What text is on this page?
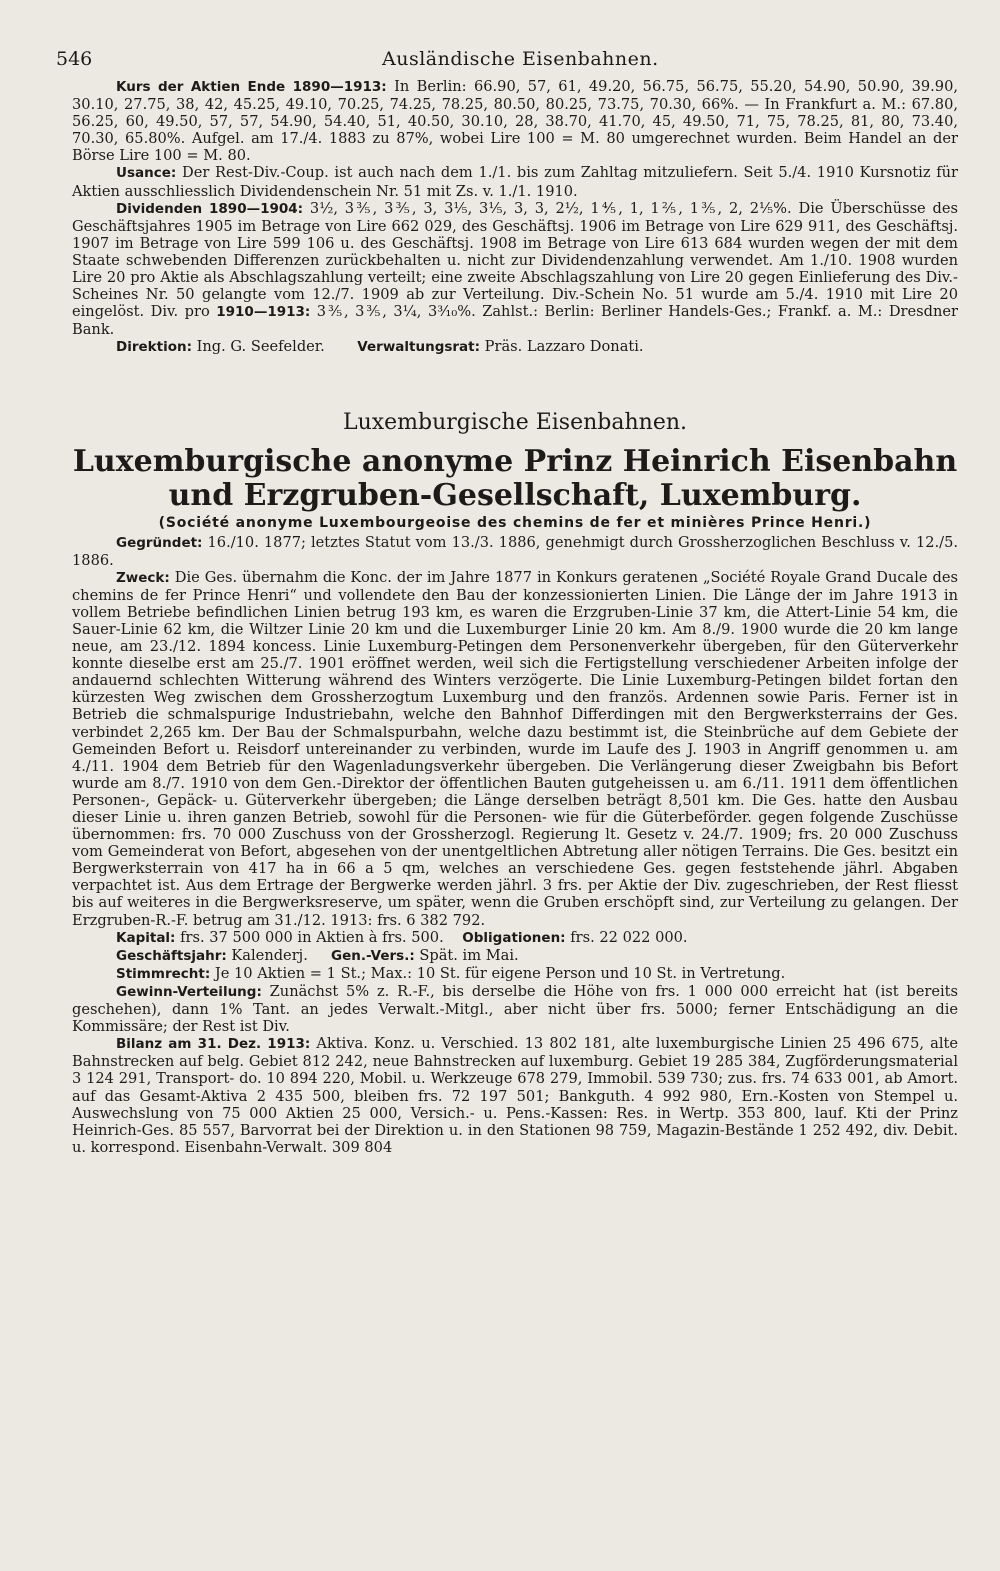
546	Ausländische Eisenbahnen.

Kurs der Aktien Ende 1890—1913: In Berlin: 66.90, 57, 61, 49.20, 56.75, 56.75, 55.20, 54.90, 50.90, 39.90, 30.10, 27.75, 38, 42, 45.25, 49.10, 70.25, 74.25, 78.25, 80.50, 80.25, 73.75, 70.30, 66%. — In Frankfurt a. M.: 67.80, 56.25, 60, 49.50, 57, 57, 54.90, 54.40, 51, 40.50, 30.10, 28, 38.70, 41.70, 45, 49.50, 71, 75, 78.25, 81, 80, 73.40, 70.30, 65.80%. Aufgel. am 17./4. 1883 zu 87%, wobei Lire 100 = M. 80 umgerechnet wurden. Beim Handel an der Börse Lire 100 = M. 80.

Usance: Der Rest-Div.-Coup. ist auch nach dem 1./1. bis zum Zahltag mitzuliefern. Seit 5./4. 1910 Kursnotiz für Aktien ausschliesslich Dividendenschein Nr. 51 mit Zs. v. 1./1. 1910.

Dividenden 1890—1904: 3½, 3⅗, 3⅗, 3, 3⅕, 3⅕, 3, 3, 2½, 1⅘, 1, 1⅖, 1⅗, 2, 2⅕%. Die Überschüsse des Geschäftsjahres 1905 im Betrage von Lire 662 029, des Geschäftsj. 1906 im Betrage von Lire 629 911, des Geschäftsj. 1907 im Betrage von Lire 599 106 u. des Geschäftsj. 1908 im Betrage von Lire 613 684 wurden wegen der mit dem Staate schwebenden Differenzen zurückbehalten u. nicht zur Dividendenzahlung verwendet. Am 1./10. 1908 wurden Lire 20 pro Aktie als Abschlagszahlung verteilt; eine zweite Abschlagszahlung von Lire 20 gegen Einlieferung des Div.-Scheines Nr. 50 gelangte vom 12./7. 1909 ab zur Verteilung. Div.-Schein No. 51 wurde am 5./4. 1910 mit Lire 20 eingelöst. Div. pro 1910—1913: 3⅗, 3⅗, 3¼, 3³⁄₁₀%. Zahlst.: Berlin: Berliner Handels-Ges.; Frankf. a. M.: Dresdner Bank.

Direktion: Ing. G. Seefelder. Verwaltungsrat: Präs. Lazzaro Donati.

Luxemburgische Eisenbahnen.
Luxemburgische anonyme Prinz Heinrich Eisenbahn
und Erzgruben-Gesellschaft, Luxemburg.
(Société anonyme Luxembourgeoise des chemins de fer et minières Prince Henri.)

Gegründet: 16./10. 1877; letztes Statut vom 13./3. 1886, genehmigt durch Grossherzoglichen Beschluss v. 12./5. 1886.

Zweck: Die Ges. übernahm die Konc. der im Jahre 1877 in Konkurs geratenen „Société Royale Grand Ducale des chemins de fer Prince Henri“ und vollendete den Bau der konzessionierten Linien. Die Länge der im Jahre 1913 in vollem Betriebe befindlichen Linien betrug 193 km, es waren die Erzgruben-Linie 37 km, die Attert-Linie 54 km, die Sauer-Linie 62 km, die Wiltzer Linie 20 km und die Luxemburger Linie 20 km. Am 8./9. 1900 wurde die 20 km lange neue, am 23./12. 1894 koncess. Linie Luxemburg-Petingen dem Personenverkehr übergeben, für den Güterverkehr konnte dieselbe erst am 25./7. 1901 eröffnet werden, weil sich die Fertigstellung verschiedener Arbeiten infolge der andauernd schlechten Witterung während des Winters verzögerte. Die Linie Luxemburg-Petingen bildet fortan den kürzesten Weg zwischen dem Grossherzogtum Luxemburg und den französ. Ardennen sowie Paris. Ferner ist in Betrieb die schmalspurige Industriebahn, welche den Bahnhof Differdingen mit den Bergwerksterrains der Ges. verbindet 2,265 km. Der Bau der Schmalspurbahn, welche dazu bestimmt ist, die Steinbrüche auf dem Gebiete der Gemeinden Befort u. Reisdorf untereinander zu verbinden, wurde im Laufe des J. 1903 in Angriff genommen u. am 4./11. 1904 dem Betrieb für den Wagenladungsverkehr übergeben. Die Verlängerung dieser Zweigbahn bis Befort wurde am 8./7. 1910 von dem Gen.-Direktor der öffentlichen Bauten gutgeheissen u. am 6./11. 1911 dem öffentlichen Personen-, Gepäck- u. Güterverkehr übergeben; die Länge derselben beträgt 8,501 km. Die Ges. hatte den Ausbau dieser Linie u. ihren ganzen Betrieb, sowohl für die Personen- wie für die Güterbeförder. gegen folgende Zuschüsse übernommen: frs. 70 000 Zuschuss von der Grossherzogl. Regierung lt. Gesetz v. 24./7. 1909; frs. 20 000 Zuschuss vom Gemeinderat von Befort, abgesehen von der unentgeltlichen Abtretung aller nötigen Terrains. Die Ges. besitzt ein Bergwerksterrain von 417 ha in 66 a 5 qm, welches an verschiedene Ges. gegen feststehende jährl. Abgaben verpachtet ist. Aus dem Ertrage der Bergwerke werden jährl. 3 frs. per Aktie der Div. zugeschrieben, der Rest fliesst bis auf weiteres in die Bergwerksreserve, um später, wenn die Gruben erschöpft sind, zur Verteilung zu gelangen. Der Erzgruben-R.-F. betrug am 31./12. 1913: frs. 6 382 792.

Kapital: frs. 37 500 000 in Aktien à frs. 500. Obligationen: frs. 22 022 000.

Geschäftsjahr: Kalenderj. Gen.-Vers.: Spät. im Mai.

Stimmrecht: Je 10 Aktien = 1 St.; Max.: 10 St. für eigene Person und 10 St. in Vertretung.

Gewinn-Verteilung: Zunächst 5% z. R.-F., bis derselbe die Höhe von frs. 1 000 000 erreicht hat (ist bereits geschehen), dann 1% Tant. an jedes Verwalt.-Mitgl., aber nicht über frs. 5000; ferner Entschädigung an die Kommissäre; der Rest ist Div.

Bilanz am 31. Dez. 1913: Aktiva. Konz. u. Verschied. 13 802 181, alte luxemburgische Linien 25 496 675, alte Bahnstrecken auf belg. Gebiet 812 242, neue Bahnstrecken auf luxemburg. Gebiet 19 285 384, Zugförderungsmaterial 3 124 291, Transport- do. 10 894 220, Mobil. u. Werkzeuge 678 279, Immobil. 539 730; zus. frs. 74 633 001, ab Amort. auf das Gesamt-Aktiva 2 435 500, bleiben frs. 72 197 501; Bankguth. 4 992 980, Ern.-Kosten von Stempel u. Auswechslung von 75 000 Aktien 25 000, Versich.- u. Pens.-Kassen: Res. in Wertp. 353 800, lauf. Kti der Prinz Heinrich-Ges. 85 557, Barvorrat bei der Direktion u. in den Stationen 98 759, Magazin-Bestände 1 252 492, div. Debit. u. korrespond. Eisenbahn-Verwalt. 309 804
